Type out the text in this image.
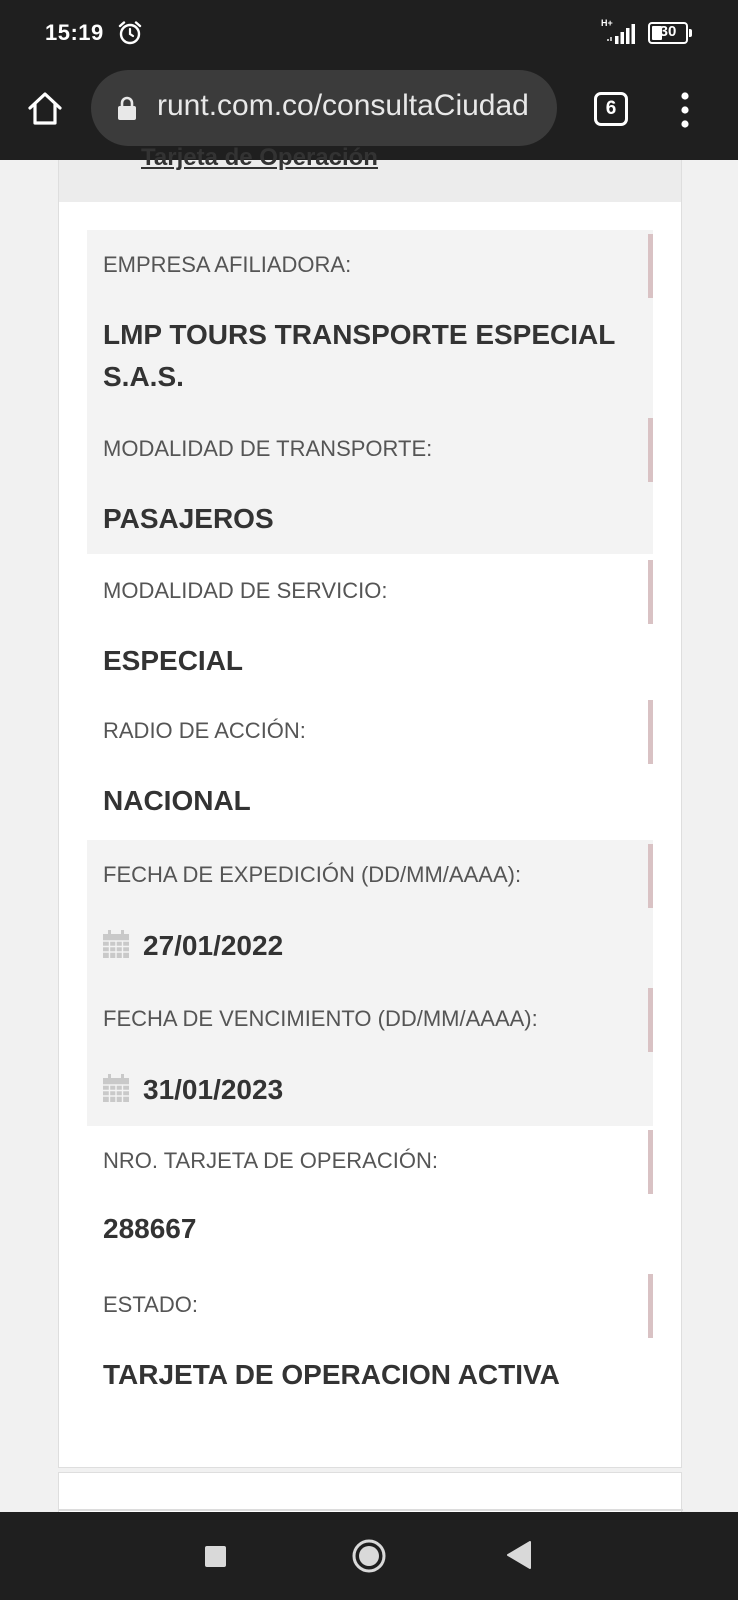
15:19	H+	30
runt.com.co/consultaCiudad	6
Tarjeta de Operación
EMPRESA AFILIADORA:
LMP TOURS TRANSPORTE ESPECIAL S.A.S.
MODALIDAD DE TRANSPORTE:
PASAJEROS
MODALIDAD DE SERVICIO:
ESPECIAL
RADIO DE ACCIÓN:
NACIONAL
FECHA DE EXPEDICIÓN (DD/MM/AAAA):
27/01/2022
FECHA DE VENCIMIENTO (DD/MM/AAAA):
31/01/2023
NRO. TARJETA DE OPERACIÓN:
288667
ESTADO:
TARJETA DE OPERACION ACTIVA
